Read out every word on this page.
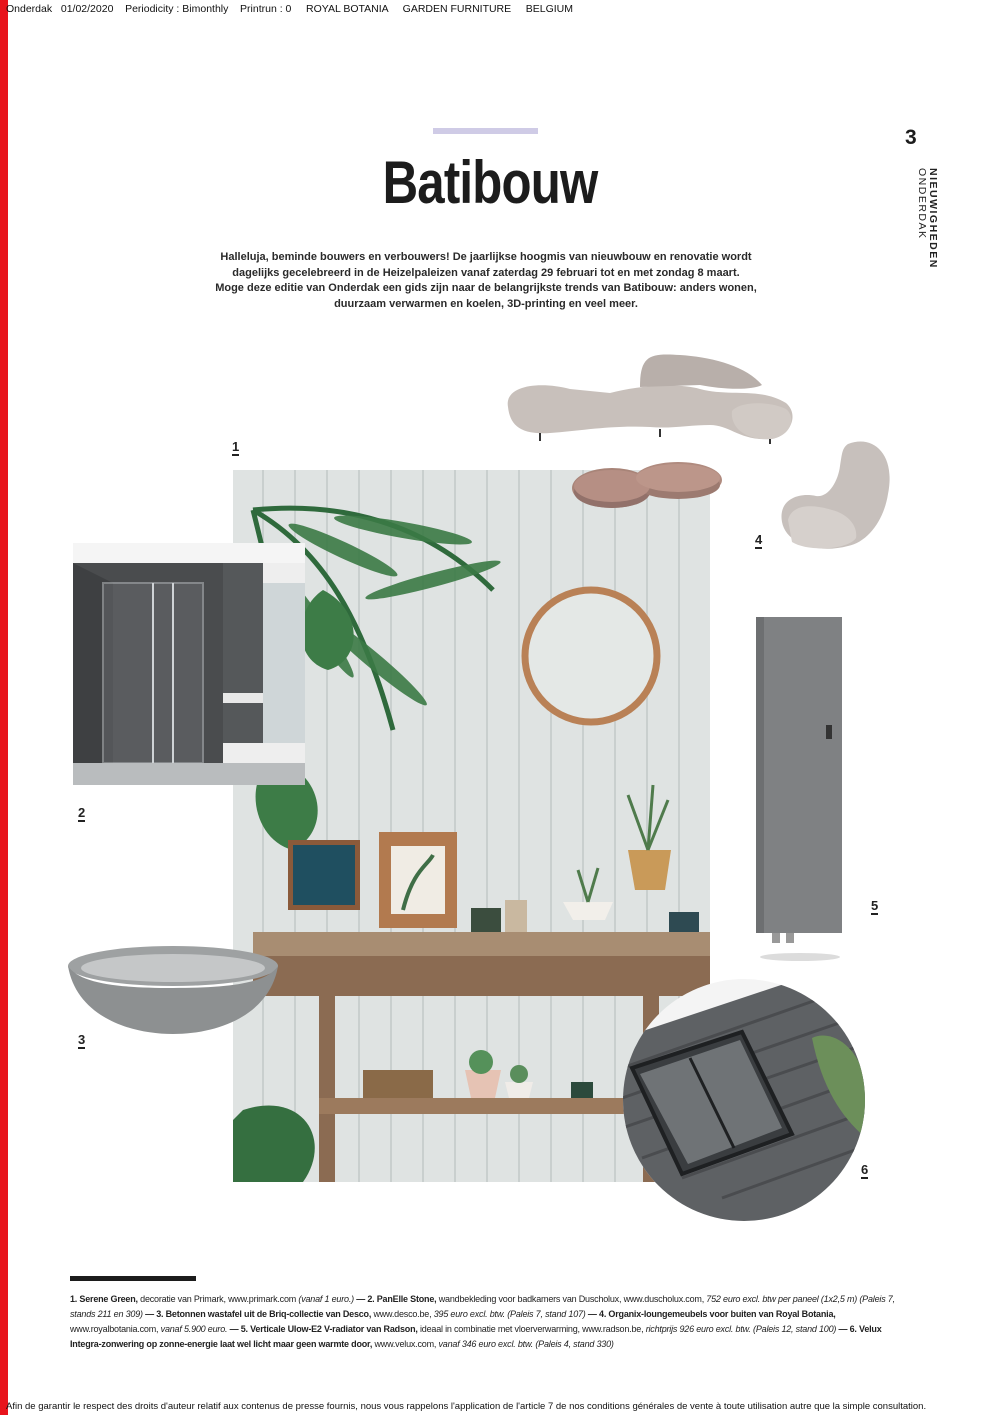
Onderdak   01/02/2020    Periodicity : Bimonthly    Printrun : 0     ROYAL BOTANIA     GARDEN FURNITURE     BELGIUM
Batibouw
3
NIEUWIGHEDEN
ONDERDAK
Halleluja, beminde bouwers en verbouwers! De jaarlijkse hoogmis van nieuwbouw en renovatie wordt
dagelijks gecelebreerd in de Heizelpaleizen vanaf zaterdag 29 februari tot en met zondag 8 maart.
Moge deze editie van Onderdak een gids zijn naar de belangrijkste trends van Batibouw: anders wonen,
duurzaam verwarmen en koelen, 3D-printing en veel meer.
1
2
3
4
5
6
1. Serene Green, decoratie van Primark, www.primark.com (vanaf 1 euro.) — 2. PanElle Stone, wandbekleding voor badkamers van Duscholux, www.duscholux.com, 752 euro excl. btw per paneel (1x2,5 m) (Paleis 7, stands 211 en 309) — 3. Betonnen wastafel uit de Briq-collectie van Desco, www.desco.be, 395 euro excl. btw. (Paleis 7, stand 107) — 4. Organix-loungemeubels voor buiten van Royal Botania, www.royalbotania.com, vanaf 5.900 euro. — 5. Verticale Ulow-E2 V-radiator van Radson, ideaal in combinatie met vloerverwarming, www.radson.be, richtprijs 926 euro excl. btw. (Paleis 12, stand 100) — 6. Velux Integra-zonwering op zonne-energie laat wel licht maar geen warmte door, www.velux.com, vanaf 346 euro excl. btw. (Paleis 4, stand 330)
Afin de garantir le respect des droits d'auteur relatif aux contenus de presse fournis, nous vous rappelons l'application de l'article 7 de nos conditions générales de vente à toute utilisation autre que la simple consultation.
